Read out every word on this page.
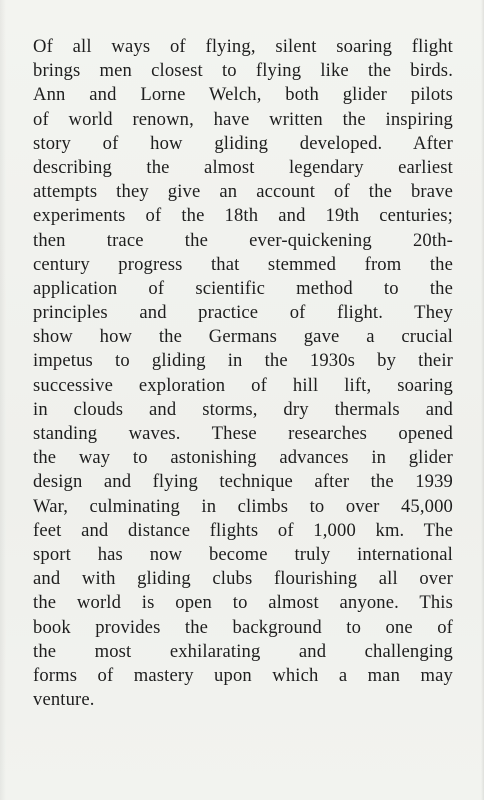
Of all ways of flying, silent soaring flight
brings men closest to flying like the birds.
Ann and Lorne Welch, both glider pilots
of world renown, have written the inspiring
story of how gliding developed. After
describing the almost legendary earliest
attempts they give an account of the brave
experiments of the 18th and 19th centuries;
then trace the ever-quickening 20th-
century progress that stemmed from the
application of scientific method to the
principles and practice of flight. They
show how the Germans gave a crucial
impetus to gliding in the 1930s by their
successive exploration of hill lift, soaring
in clouds and storms, dry thermals and
standing waves. These researches opened
the way to astonishing advances in glider
design and flying technique after the 1939
War, culminating in climbs to over 45,000
feet and distance flights of 1,000 km. The
sport has now become truly international
and with gliding clubs flourishing all over
the world is open to almost anyone. This
book provides the background to one of
the most exhilarating and challenging
forms of mastery upon which a man may
venture.
